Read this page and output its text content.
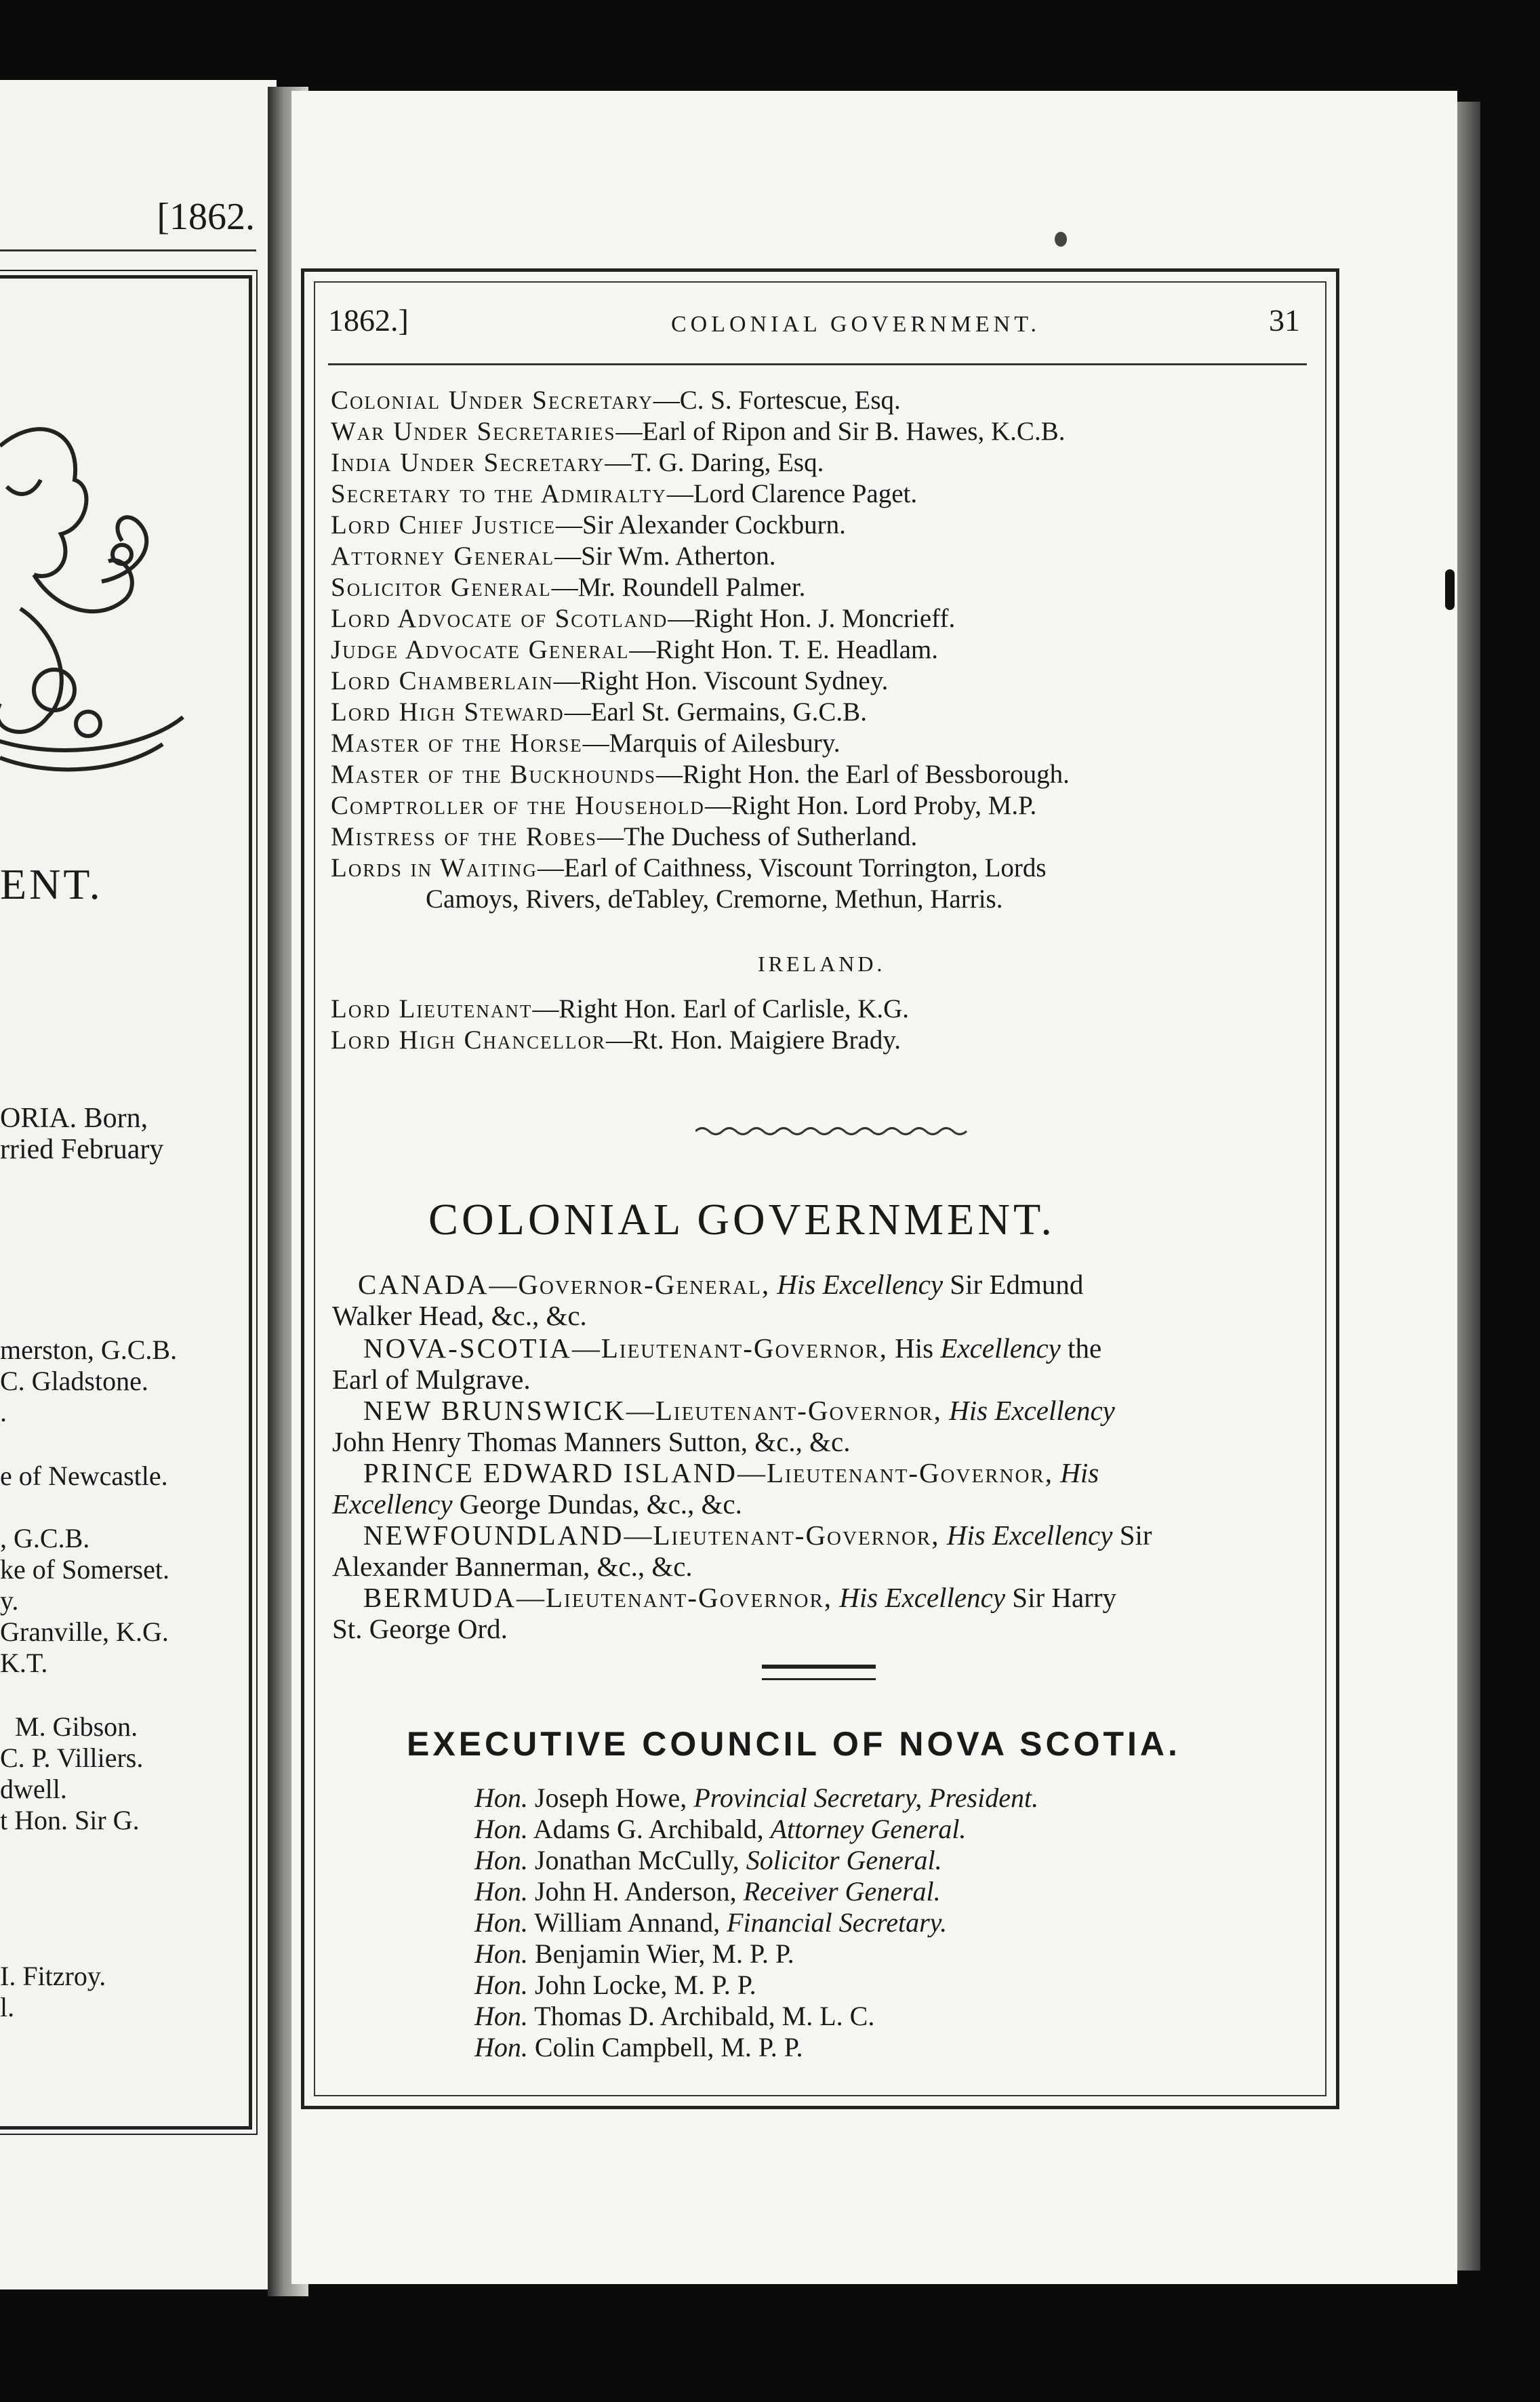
[1862.
ENT.
ORIA. Born,
rried February
merston, G.C.B.
C. Gladstone.
.
e of Newcastle.
, G.C.B.
ke of Somerset.
y.
Granville, K.G.
K.T.
M. Gibson.
C. P. Villiers.
dwell.
t Hon. Sir G.
I. Fitzroy.
l.
1862.]	COLONIAL GOVERNMENT.	31
Colonial Under Secretary—C. S. Fortescue, Esq.
War Under Secretaries—Earl of Ripon and Sir B. Hawes, K.C.B.
India Under Secretary—T. G. Daring, Esq.
Secretary to the Admiralty—Lord Clarence Paget.
Lord Chief Justice—Sir Alexander Cockburn.
Attorney General—Sir Wm. Atherton.
Solicitor General—Mr. Roundell Palmer.
Lord Advocate of Scotland—Right Hon. J. Moncrieff.
Judge Advocate General—Right Hon. T. E. Headlam.
Lord Chamberlain—Right Hon. Viscount Sydney.
Lord High Steward—Earl St. Germains, G.C.B.
Master of the Horse—Marquis of Ailesbury.
Master of the Buckhounds—Right Hon. the Earl of Bessborough.
Comptroller of the Household—Right Hon. Lord Proby, M.P.
Mistress of the Robes—The Duchess of Sutherland.
Lords in Waiting—Earl of Caithness, Viscount Torrington, Lords
Camoys, Rivers, deTabley, Cremorne, Methun, Harris.
IRELAND.
Lord Lieutenant—Right Hon. Earl of Carlisle, K.G.
Lord High Chancellor—Rt. Hon. Maigiere Brady.
COLONIAL GOVERNMENT.
CANADA—Governor-General, His Excellency Sir Edmund
Walker Head, &c., &c.
NOVA-SCOTIA—Lieutenant-Governor, His Excellency the
Earl of Mulgrave.
NEW BRUNSWICK—Lieutenant-Governor, His Excellency
John Henry Thomas Manners Sutton, &c., &c.
PRINCE EDWARD ISLAND—Lieutenant-Governor, His
Excellency George Dundas, &c., &c.
NEWFOUNDLAND—Lieutenant-Governor, His Excellency Sir
Alexander Bannerman, &c., &c.
BERMUDA—Lieutenant-Governor, His Excellency Sir Harry
St. George Ord.
EXECUTIVE COUNCIL OF NOVA SCOTIA.
Hon. Joseph Howe, Provincial Secretary, President.
Hon. Adams G. Archibald, Attorney General.
Hon. Jonathan McCully, Solicitor General.
Hon. John H. Anderson, Receiver General.
Hon. William Annand, Financial Secretary.
Hon. Benjamin Wier, M. P. P.
Hon. John Locke, M. P. P.
Hon. Thomas D. Archibald, M. L. C.
Hon. Colin Campbell, M. P. P.
